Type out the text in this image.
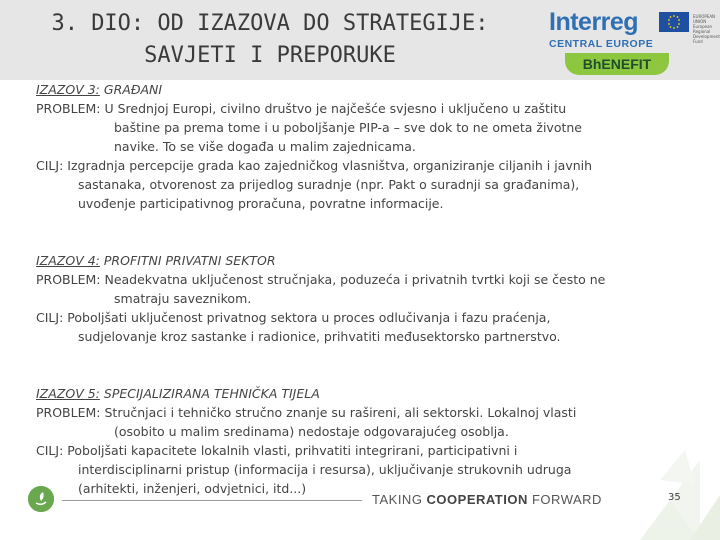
3. DIO: OD IZAZOVA DO STRATEGIJE:
SAVJETI I PREPORUKE
Interreg	EUROPEAN UNION European Regional Development Fund
CENTRAL EUROPE
BhENEFIT
IZAZOV 3: GRAĐANI
PROBLEM: U Srednjoj Europi, civilno društvo je najčešće svjesno i uključeno u zaštitu
baštine pa prema tome i u poboljšanje PIP-a – sve dok to ne ometa životne
navike. To se više događa u malim zajednicama.
CILJ: Izgradnja percepcije grada kao zajedničkog vlasništva, organiziranje ciljanih i javnih
sastanaka, otvorenost za prijedlog suradnje (npr. Pakt o suradnji sa građanima),
uvođenje participativnog proračuna, povratne informacije.
IZAZOV 4: PROFITNI PRIVATNI SEKTOR
PROBLEM: Neadekvatna uključenost stručnjaka, poduzeća i privatnih tvrtki koji se često ne
smatraju saveznikom.
CILJ: Poboljšati uključenost privatnog sektora u proces odlučivanja i fazu praćenja,
sudjelovanje kroz sastanke i radionice, prihvatiti međusektorsko partnerstvo.
IZAZOV 5: SPECIJALIZIRANA TEHNIČKA TIJELA
PROBLEM: Stručnjaci i tehničko stručno znanje su rašireni, ali sektorski. Lokalnoj vlasti
(osobito u malim sredinama) nedostaje odgovarajućeg osoblja.
CILJ: Poboljšati kapacitete lokalnih vlasti, prihvatiti integrirani, participativni i
interdisciplinarni pristup (informacija i resursa), uključivanje strukovnih udruga
(arhitekti, inženjeri, odvjetnici, itd...)
TAKING COOPERATION FORWARD	35
